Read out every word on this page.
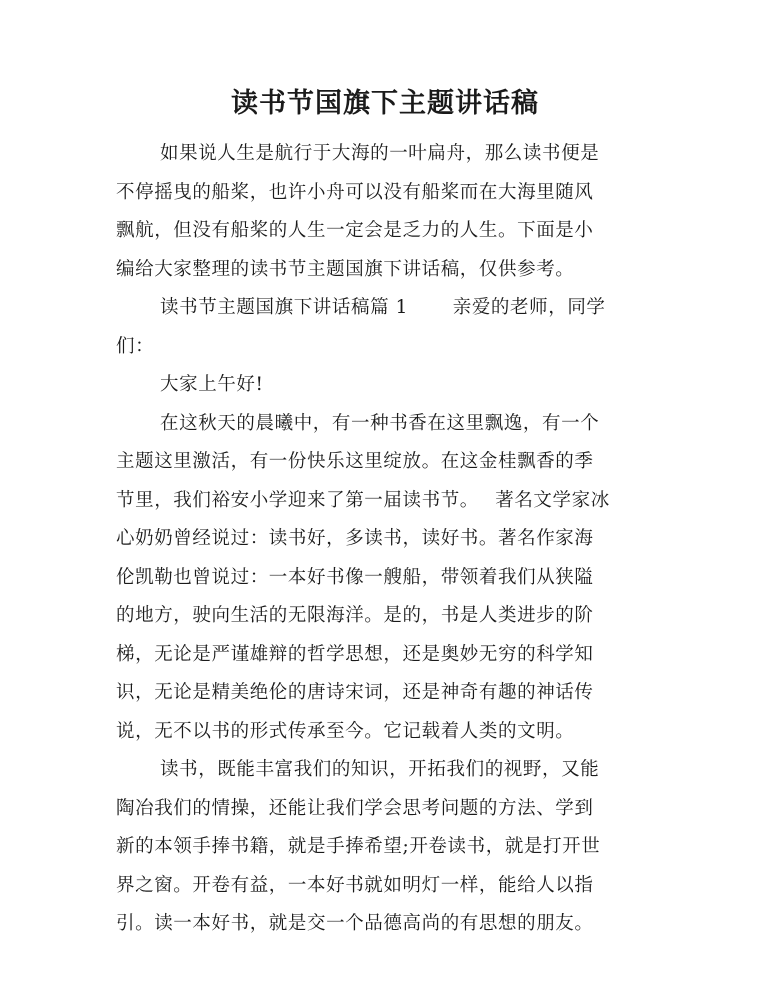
读书节国旗下主题讲话稿
如果说人生是航行于大海的一叶扁舟，那么读书便是
不停摇曳的船桨，也许小舟可以没有船桨而在大海里随风
飘航，但没有船桨的人生一定会是乏力的人生。下面是小
编给大家整理的读书节主题国旗下讲话稿，仅供参考。
读书节主题国旗下讲话稿篇 1 　　亲爱的老师，同学
们：
大家上午好!
在这秋天的晨曦中，有一种书香在这里飘逸，有一个
主题这里激活，有一份快乐这里绽放。在这金桂飘香的季
节里，我们裕安小学迎来了第一届读书节。　 著名文学家冰
心奶奶曾经说过：读书好，多读书，读好书。著名作家海
伦凯勒也曾说过：一本好书像一艘船，带领着我们从狭隘
的地方，驶向生活的无限海洋。是的，书是人类进步的阶
梯，无论是严谨雄辩的哲学思想，还是奥妙无穷的科学知
识，无论是精美绝伦的唐诗宋词，还是神奇有趣的神话传
说，无不以书的形式传承至今。它记载着人类的文明。
读书，既能丰富我们的知识，开拓我们的视野，又能
陶冶我们的情操，还能让我们学会思考问题的方法、学到
新的本领手捧书籍，就是手捧希望;开卷读书，就是打开世
界之窗。开卷有益，一本好书就如明灯一样，能给人以指
引。读一本好书，就是交一个品德高尚的有思想的朋友。
